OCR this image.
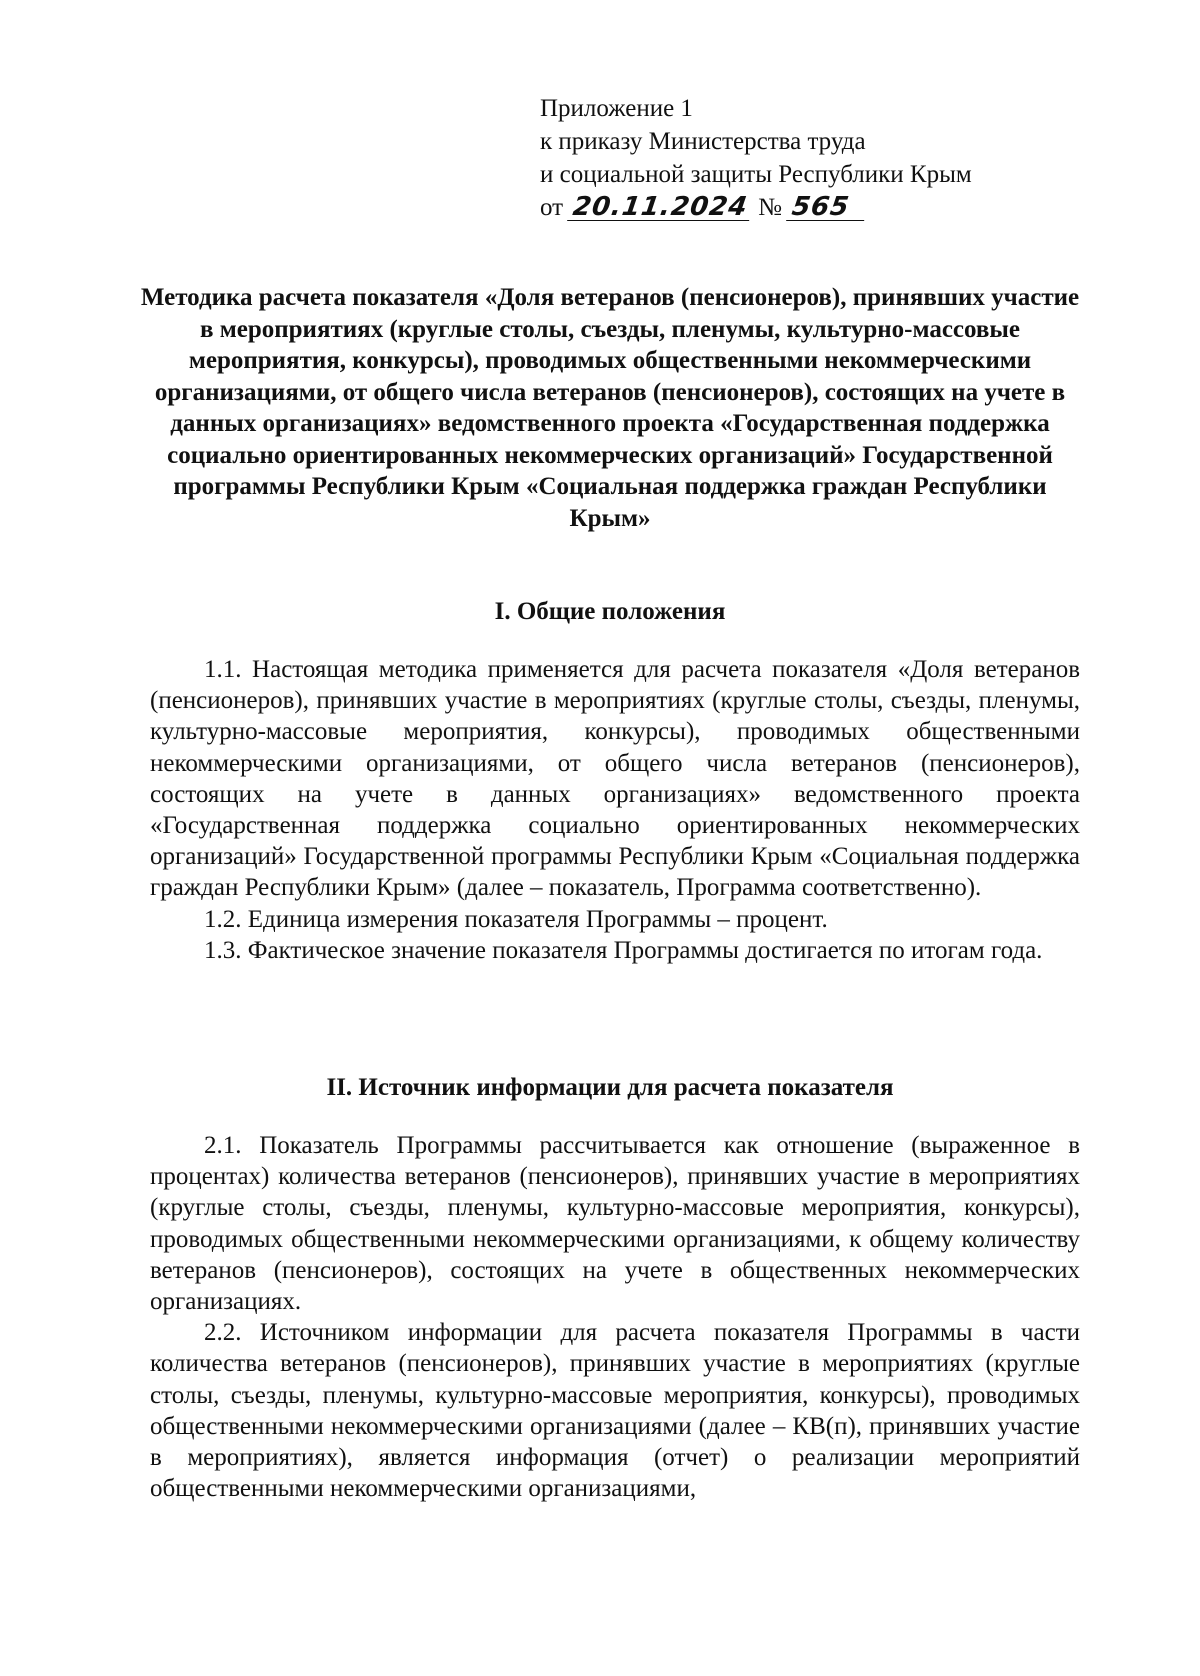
Приложение 1
к приказу Министерства труда
и социальной защиты Республики Крым
от 20.11.2024 № 565
Методика расчета показателя «Доля ветеранов (пенсионеров), принявших участие в мероприятиях (круглые столы, съезды, пленумы, культурно-массовые мероприятия, конкурсы), проводимых общественными некоммерческими организациями, от общего числа ветеранов (пенсионеров), состоящих на учете в данных организациях» ведомственного проекта «Государственная поддержка социально ориентированных некоммерческих организаций» Государственной программы Республики Крым «Социальная поддержка граждан Республики Крым»
I. Общие положения

1.1. Настоящая методика применяется для расчета показателя «Доля ветеранов (пенсионеров), принявших участие в мероприятиях (круглые столы, съезды, пленумы, культурно-массовые мероприятия, конкурсы), проводимых общественными некоммерческими организациями, от общего числа ветеранов (пенсионеров), состоящих на учете в данных организациях» ведомственного проекта «Государственная поддержка социально ориентированных некоммерческих организаций» Государственной программы Республики Крым «Социальная поддержка граждан Республики Крым» (далее – показатель, Программа соответственно).

1.2. Единица измерения показателя Программы – процент.

1.3. Фактическое значение показателя Программы достигается по итогам года.

II. Источник информации для расчета показателя

2.1. Показатель Программы рассчитывается как отношение (выраженное в процентах) количества ветеранов (пенсионеров), принявших участие в мероприятиях (круглые столы, съезды, пленумы, культурно-массовые мероприятия, конкурсы), проводимых общественными некоммерческими организациями, к общему количеству ветеранов (пенсионеров), состоящих на учете в общественных некоммерческих организациях.

2.2. Источником информации для расчета показателя Программы в части количества ветеранов (пенсионеров), принявших участие в мероприятиях (круглые столы, съезды, пленумы, культурно-массовые мероприятия, конкурсы), проводимых общественными некоммерческими организациями (далее – КВ(п), принявших участие в мероприятиях), является информация (отчет) о реализации мероприятий общественными некоммерческими организациями,
